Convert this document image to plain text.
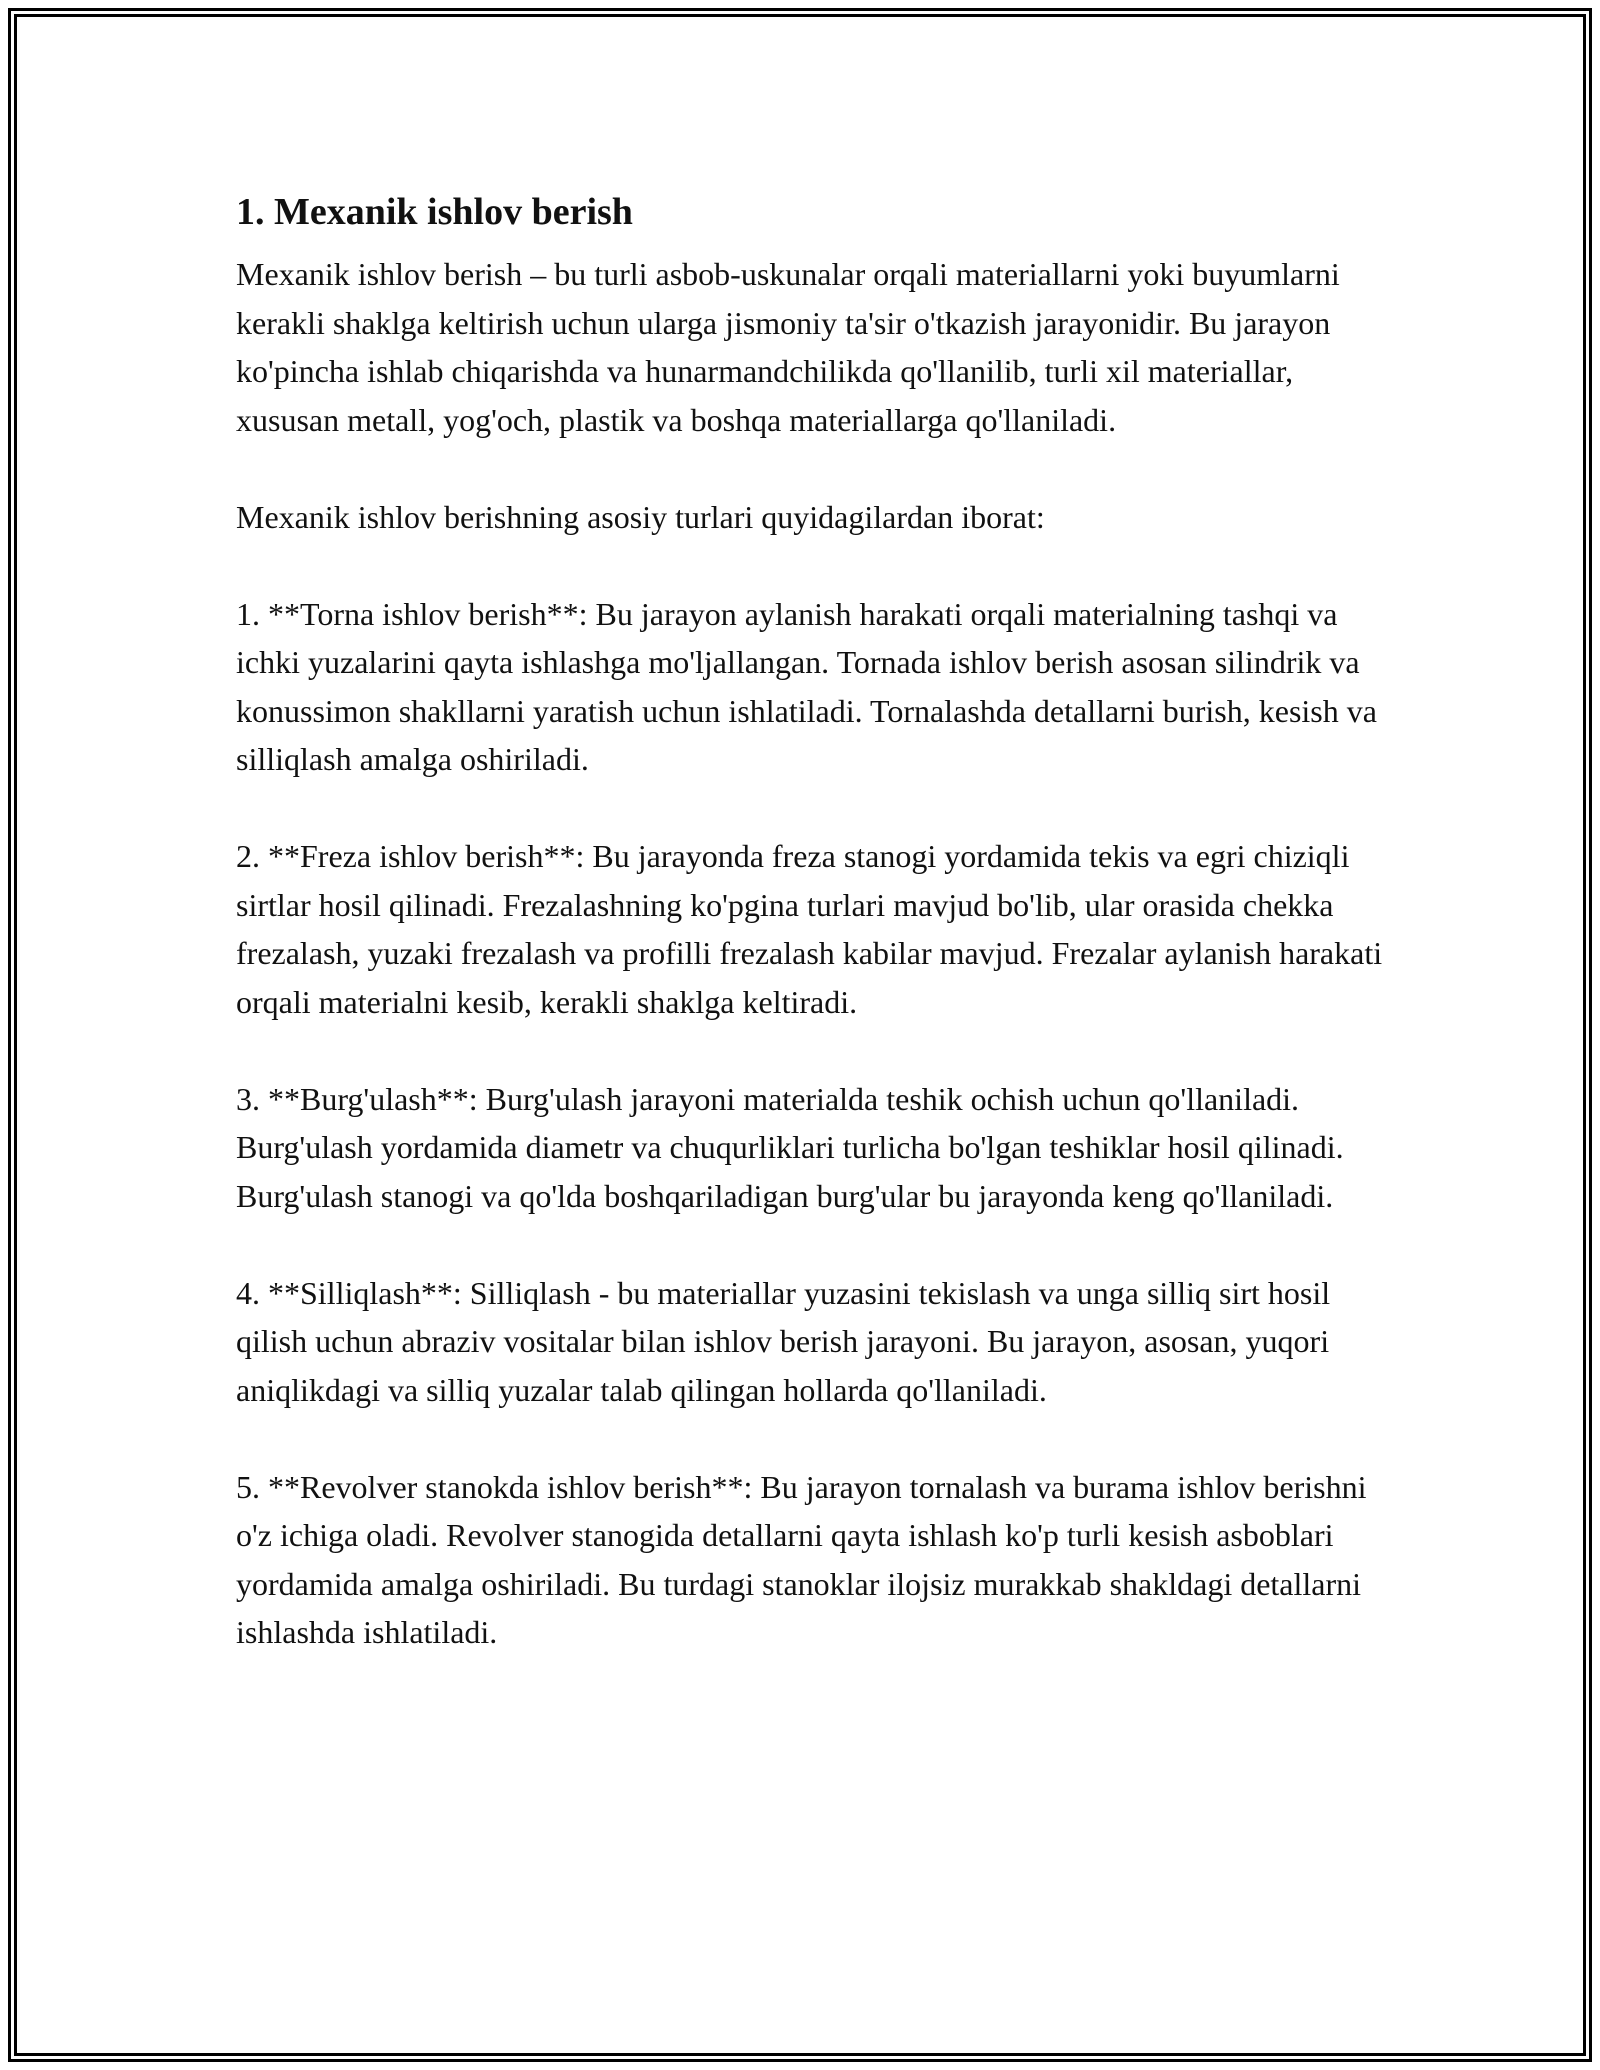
1. Mexanik ishlov berish

Mexanik ishlov berish – bu turli asbob-uskunalar orqali materiallarni yoki buyumlarni kerakli shaklga keltirish uchun ularga jismoniy ta'sir o'tkazish jarayonidir. Bu jarayon ko'pincha ishlab chiqarishda va hunarmandchilikda qo'llanilib, turli xil materiallar, xususan metall, yog'och, plastik va boshqa materiallarga qo'llaniladi.

Mexanik ishlov berishning asosiy turlari quyidagilardan iborat:

1. **Torna ishlov berish**: Bu jarayon aylanish harakati orqali materialning tashqi va ichki yuzalarini qayta ishlashga mo'ljallangan. Tornada ishlov berish asosan silindrik va konussimon shakllarni yaratish uchun ishlatiladi. Tornalashda detallarni burish, kesish va silliqlash amalga oshiriladi.

2. **Freza ishlov berish**: Bu jarayonda freza stanogi yordamida tekis va egri chiziqli sirtlar hosil qilinadi. Frezalashning ko'pgina turlari mavjud bo'lib, ular orasida chekka frezalash, yuzaki frezalash va profilli frezalash kabilar mavjud. Frezalar aylanish harakati orqali materialni kesib, kerakli shaklga keltiradi.

3. **Burg'ulash**: Burg'ulash jarayoni materialda teshik ochish uchun qo'llaniladi. Burg'ulash yordamida diametr va chuqurliklari turlicha bo'lgan teshiklar hosil qilinadi. Burg'ulash stanogi va qo'lda boshqariladigan burg'ular bu jarayonda keng qo'llaniladi.

4. **Silliqlash**: Silliqlash - bu materiallar yuzasini tekislash va unga silliq sirt hosil qilish uchun abraziv vositalar bilan ishlov berish jarayoni. Bu jarayon, asosan, yuqori aniqlikdagi va silliq yuzalar talab qilingan hollarda qo'llaniladi.

5. **Revolver stanokda ishlov berish**: Bu jarayon tornalash va burama ishlov berishni o'z ichiga oladi. Revolver stanogida detallarni qayta ishlash ko'p turli kesish asboblari yordamida amalga oshiriladi. Bu turdagi stanoklar ilojsiz murakkab shakldagi detallarni ishlashda ishlatiladi.
